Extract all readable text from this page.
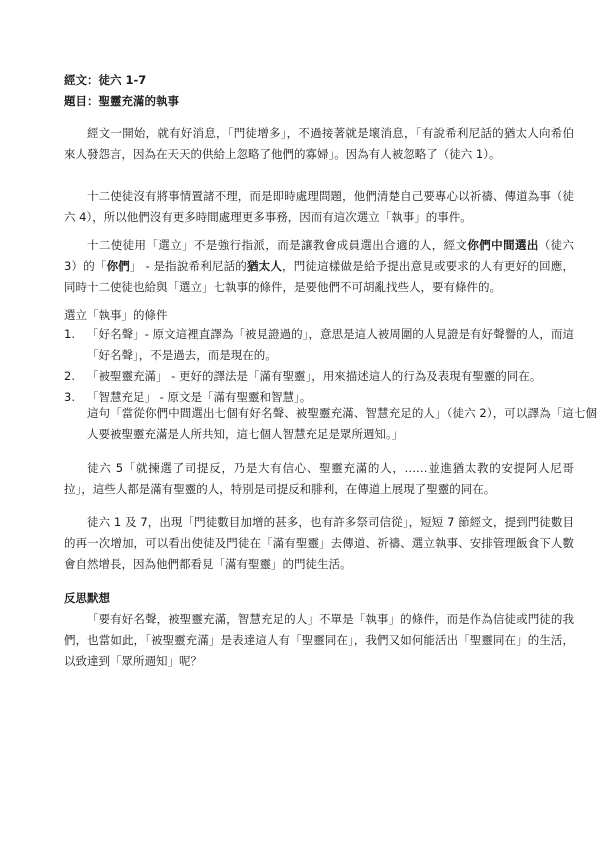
經文：徒六 1-7

題目：聖靈充滿的執事

經文一開始，就有好消息，「門徒增多」，不過接著就是壞消息，「有說希利尼話的猶太人向希伯來人發怨言，因為在天天的供給上忽略了他們的寡婦」。因為有人被忽略了（徒六 1）。

十二使徒沒有將事情置諸不理，而是即時處理問題，他們清楚自己要專心以祈禱、傳道為事（徒六 4），所以他們沒有更多時間處理更多事務，因而有這次選立「執事」的事件。

十二使徒用「選立」不是強行指派，而是讓教會成員選出合適的人，經文你們中間選出（徒六 3）的「你們」 - 是指說希利尼話的猶太人，門徒這樣做是給予提出意見或要求的人有更好的回應，同時十二使徒也給與「選立」七執事的條件，是要他們不可胡亂找些人，要有條件的。

選立「執事」的條件

1. 「好名聲」- 原文這裡直譯為「被見證過的」，意思是這人被周圍的人見證是有好聲譽的人，而這「好名聲」，不是過去，而是現在的。
2. 「被聖靈充滿」 - 更好的譯法是「滿有聖靈」，用來描述這人的行為及表現有聖靈的同在。
3. 「智慧充足」 - 原文是「滿有聖靈和智慧」。

這句「當從你們中間選出七個有好名聲、被聖靈充滿、智慧充足的人」（徒六 2），可以譯為「這七個人要被聖靈充滿是人所共知，這七個人智慧充足是眾所週知。」

徒六 5「就揀選了司提反，乃是大有信心、聖靈充滿的人，……並進猶太教的安提阿人尼哥拉」，這些人都是滿有聖靈的人，特別是司提反和腓利，在傳道上展現了聖靈的同在。

徒六 1 及 7，出現「門徒數目加增的甚多，也有許多祭司信從」，短短 7 節經文，提到門徒數目的再一次增加，可以看出使徒及門徒在「滿有聖靈」去傳道、祈禱、選立執事、安排管理飯食下人數會自然增長，因為他們都看見「滿有聖靈」的門徒生活。

反思默想

「要有好名聲，被聖靈充滿，智慧充足的人」不單是「執事」的條件，而是作為信徒或門徒的我們，也當如此，「被聖靈充滿」是表達這人有「聖靈同在」，我們又如何能活出「聖靈同在」的生活，以致達到「眾所週知」呢？
